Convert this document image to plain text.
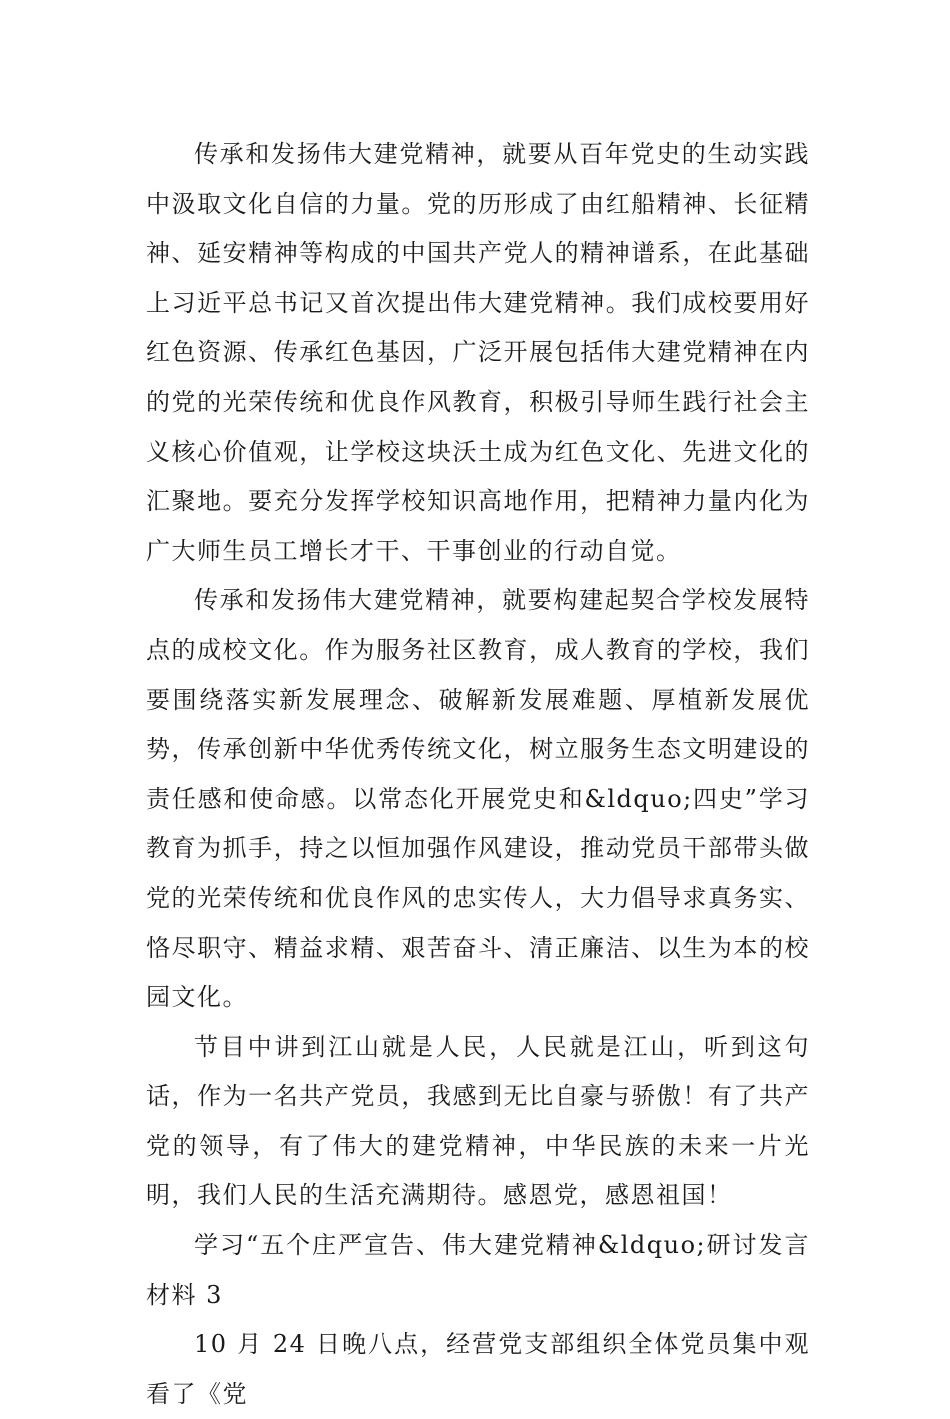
传承和发扬伟大建党精神，就要从百年党史的生动实践中汲取文化自信的力量。党的历形成了由红船精神、长征精神、延安精神等构成的中国共产党人的精神谱系，在此基础上习近平总书记又首次提出伟大建党精神。我们成校要用好红色资源、传承红色基因，广泛开展包括伟大建党精神在内的党的光荣传统和优良作风教育，积极引导师生践行社会主义核心价值观，让学校这块沃土成为红色文化、先进文化的汇聚地。要充分发挥学校知识高地作用，把精神力量内化为广大师生员工增长才干、干事创业的行动自觉。

传承和发扬伟大建党精神，就要构建起契合学校发展特点的成校文化。作为服务社区教育，成人教育的学校，我们要围绕落实新发展理念、破解新发展难题、厚植新发展优势，传承创新中华优秀传统文化，树立服务生态文明建设的责任感和使命感。以常态化开展党史和&ldquo;四史”学习教育为抓手，持之以恒加强作风建设，推动党员干部带头做党的光荣传统和优良作风的忠实传人，大力倡导求真务实、恪尽职守、精益求精、艰苦奋斗、清正廉洁、以生为本的校园文化。

节目中讲到江山就是人民，人民就是江山，听到这句话，作为一名共产党员，我感到无比自豪与骄傲！有了共产党的领导，有了伟大的建党精神，中华民族的未来一片光明，我们人民的生活充满期待。感恩党，感恩祖国！

学习“五个庄严宣告、伟大建党精神&ldquo;研讨发言材料 3

10 月 24 日晚八点，经营党支部组织全体党员集中观看了《党
